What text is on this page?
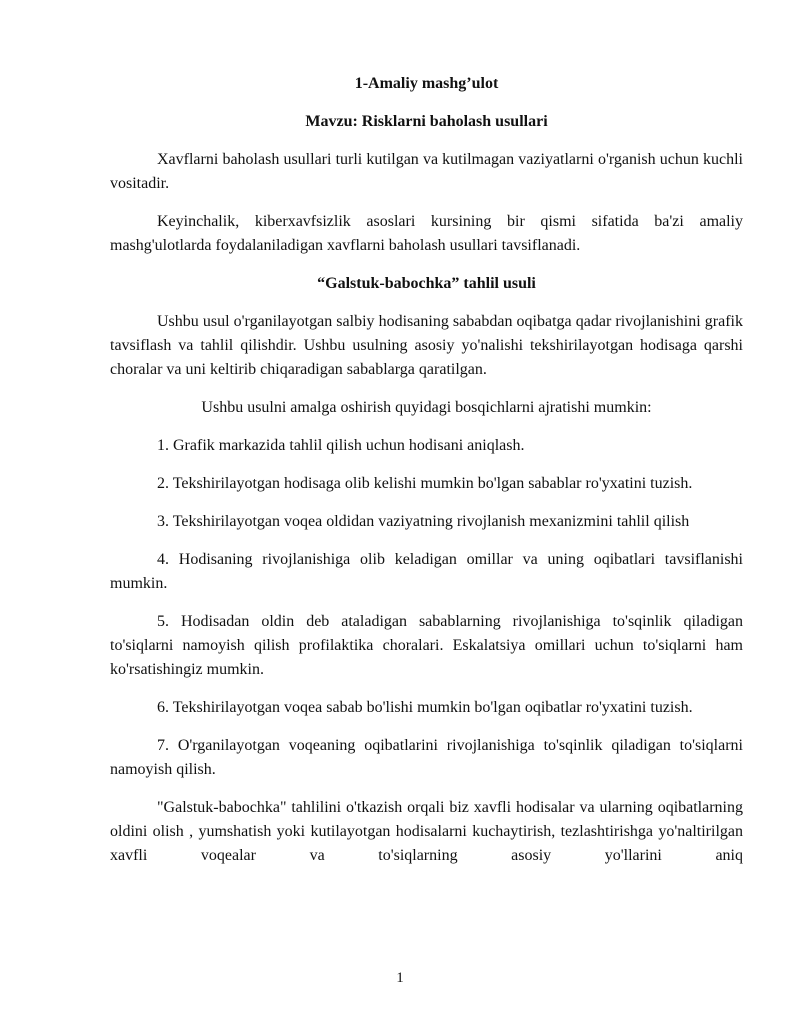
1-Amaliy mashg’ulot
Mavzu: Risklarni baholash usullari

Xavflarni baholash usullari turli kutilgan va kutilmagan vaziyatlarni o'rganish uchun kuchli vositadir.

Keyinchalik, kiberxavfsizlik asoslari kursining bir qismi sifatida ba'zi amaliy mashg'ulotlarda foydalaniladigan xavflarni baholash usullari tavsiflanadi.

“Galstuk-babochka” tahlil usuli

Ushbu usul o'rganilayotgan salbiy hodisaning sababdan oqibatga qadar rivojlanishini grafik tavsiflash va tahlil qilishdir. Ushbu usulning asosiy yo'nalishi tekshirilayotgan hodisaga qarshi choralar va uni keltirib chiqaradigan sabablarga qaratilgan.

Ushbu usulni amalga oshirish quyidagi bosqichlarni ajratishi mumkin:

1. Grafik markazida tahlil qilish uchun hodisani aniqlash.

2. Tekshirilayotgan hodisaga olib kelishi mumkin bo'lgan sabablar ro'yxatini tuzish.

3. Tekshirilayotgan voqea oldidan vaziyatning rivojlanish mexanizmini tahlil qilish

4. Hodisaning rivojlanishiga olib keladigan omillar va uning oqibatlari tavsiflanishi mumkin.

5. Hodisadan oldin deb ataladigan sabablarning rivojlanishiga to'sqinlik qiladigan to'siqlarni namoyish qilish profilaktika choralari. Eskalatsiya omillari uchun to'siqlarni ham ko'rsatishingiz mumkin.

6. Tekshirilayotgan voqea sabab bo'lishi mumkin bo'lgan oqibatlar ro'yxatini tuzish.

7. O'rganilayotgan voqeaning oqibatlarini rivojlanishiga to'sqinlik qiladigan to'siqlarni namoyish qilish.

"Galstuk-babochka" tahlilini o'tkazish orqali biz xavfli hodisalar va ularning oqibatlarning oldini olish , yumshatish yoki kutilayotgan hodisalarni kuchaytirish, tezlashtirishga yo'naltirilgan xavfli voqealar va to'siqlarning asosiy yo'llarini aniq

1
